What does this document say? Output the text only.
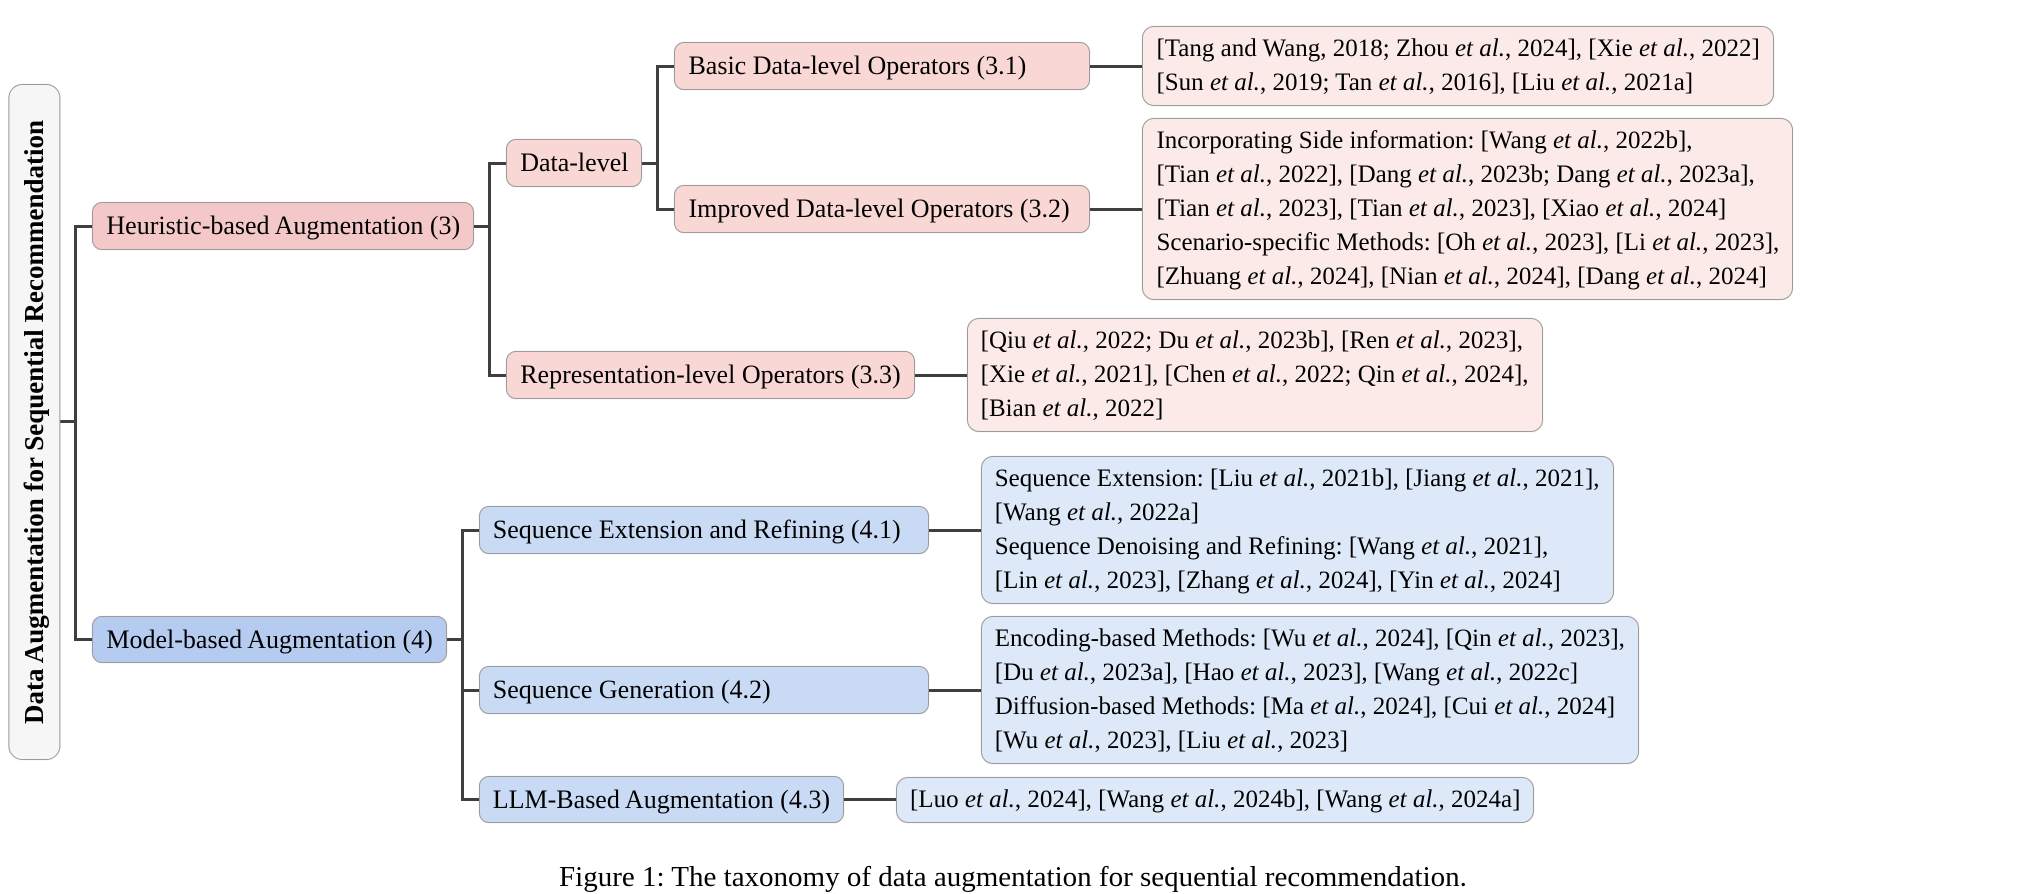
Data Augmentation for Sequential Recommendation	Heuristic-based Augmentation (3)
Data-level
Basic Data-level Operators (3.1)
[Tang and Wang, 2018; Zhou et al., 2024], [Xie et al., 2022]
[Sun et al., 2019; Tan et al., 2016], [Liu et al., 2021a]
Improved Data-level Operators (3.2)
Incorporating Side information: [Wang et al., 2022b],
[Tian et al., 2022], [Dang et al., 2023b; Dang et al., 2023a],
[Tian et al., 2023], [Tian et al., 2023], [Xiao et al., 2024]
Scenario-specific Methods: [Oh et al., 2023], [Li et al., 2023],
[Zhuang et al., 2024], [Nian et al., 2024], [Dang et al., 2024]
Representation-level Operators (3.3)
[Qiu et al., 2022; Du et al., 2023b], [Ren et al., 2023],
[Xie et al., 2021], [Chen et al., 2022; Qin et al., 2024],
[Bian et al., 2022]
Model-based Augmentation (4)
Sequence Extension and Refining (4.1)
Sequence Extension: [Liu et al., 2021b], [Jiang et al., 2021],
[Wang et al., 2022a]
Sequence Denoising and Refining: [Wang et al., 2021],
[Lin et al., 2023], [Zhang et al., 2024], [Yin et al., 2024]
Sequence Generation (4.2)
Encoding-based Methods: [Wu et al., 2024], [Qin et al., 2023],
[Du et al., 2023a], [Hao et al., 2023], [Wang et al., 2022c]
Diffusion-based Methods: [Ma et al., 2024], [Cui et al., 2024]
[Wu et al., 2023], [Liu et al., 2023]
LLM-Based Augmentation (4.3)	[Luo et al., 2024], [Wang et al., 2024b], [Wang et al., 2024a]
Figure 1: The taxonomy of data augmentation for sequential recommendation.
